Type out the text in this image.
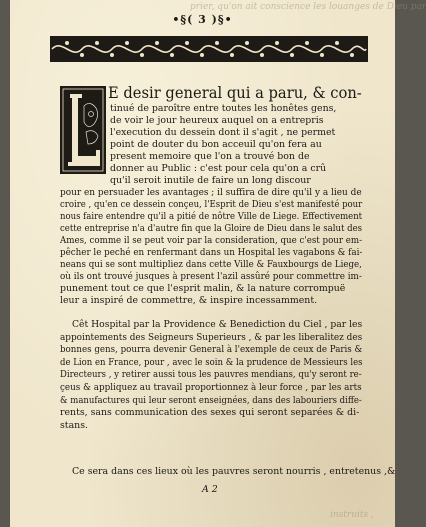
prier, qu'on ait conscience les louanges de Dieu par
•§( 3 )§•
E desir general qui a paru, & con-
tinué de paroître entre toutes les honêtes gens,
de voir le jour heureux auquel on a entrepris
l'execution du dessein dont il s'agit , ne permet
point de douter du bon acceuil qu'on fera au
present memoire que l'on a trouvé bon de
donner au Public : c'est pour cela qu'on a crû
qu'il seroit inutile de faire un long discour
pour en persuader les avantages ; il suffira de dire qu'il y a lieu de
croire , qu'en ce dessein conçeu, l'Esprit de Dieu s'est manifesté pour
nous faire entendre qu'il a pitié de nôtre Ville de Liege. Effectivement
cette entreprise n'a d'autre fin que la Gloire de Dieu dans le salut des
Ames, comme il se peut voir par la consideration, que c'est pour em-
pêcher le peché en renfermant dans un Hospital les vagabons & fai-
neans qui se sont multipliez dans cette Ville & Fauxbourgs de Liege,
où ils ont trouvé jusques à present l'azil assûré pour commettre im-
punement tout ce que l'esprit malin, & la nature corrompuë
leur a inspiré de commettre, & inspire incessamment.
Cêt Hospital par la Providence & Benediction du Ciel , par les
appointements des Seigneurs Superieurs , & par les liberalitez des
bonnes gens, pourra devenir General à l'exemple de ceux de Paris &
de Lion en France, pour , avec le soin & la prudence de Messieurs les
Directeurs , y retirer aussi tous les pauvres mendians, qu'y seront re-
çeus & appliquez au travail proportionnez à leur force , par les arts
& manufactures qui leur seront enseignées, dans des labouriers diffe-
rents, sans communication des sexes qui seront separées & di-
stans.
Ce sera dans ces lieux où les pauvres seront nourris , entretenus ,&
A 2
instruits ,
